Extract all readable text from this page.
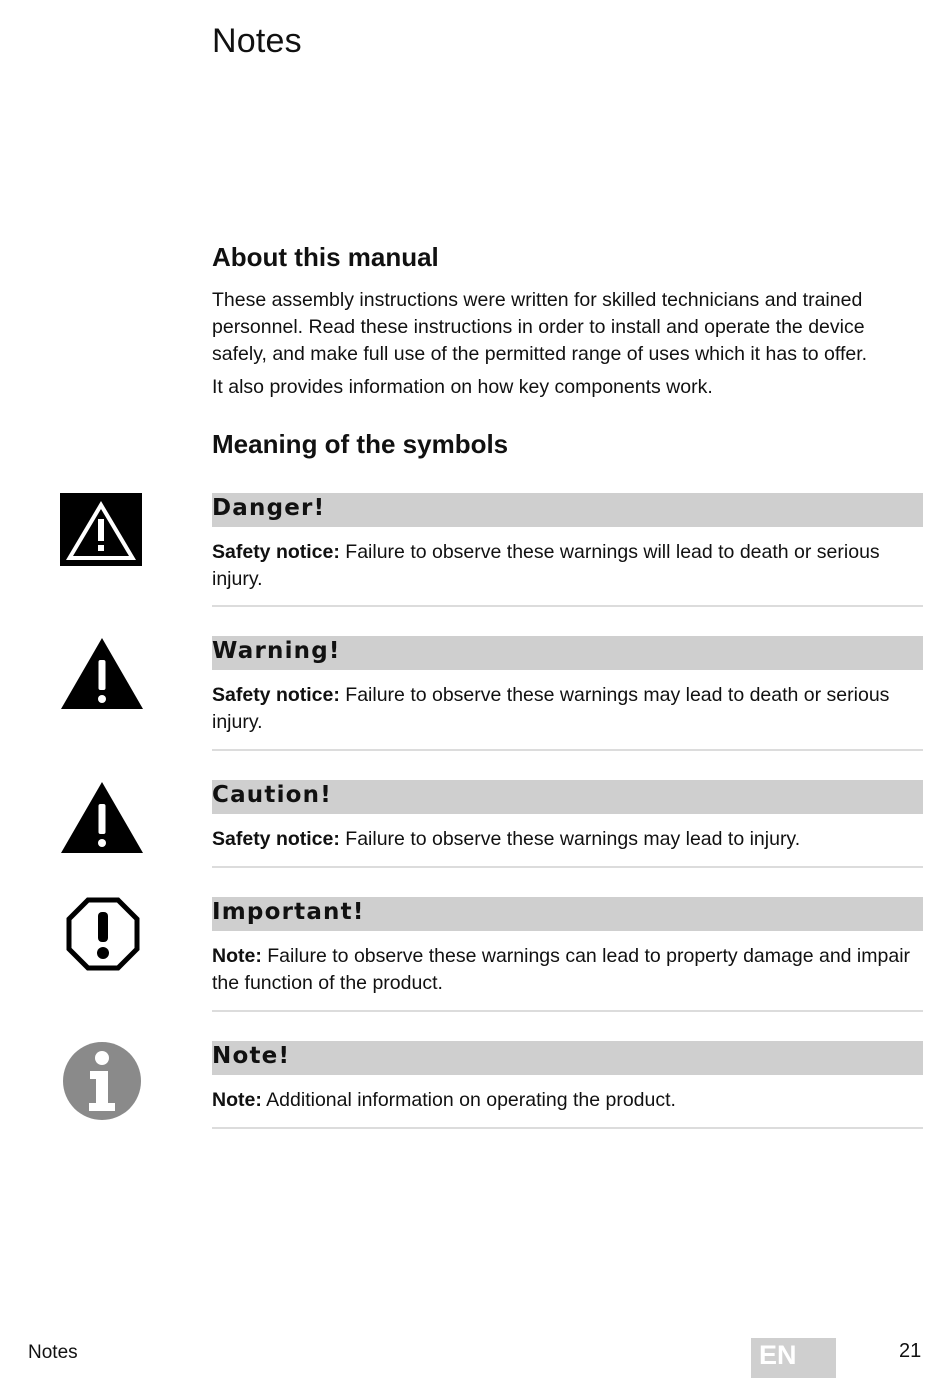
Notes
About this manual
These assembly instructions were written for skilled technicians and trained personnel. Read these instructions in order to install and operate the device safely, and make full use of the permitted range of uses which it has to offer.
It also provides information on how key components work.
Meaning of the symbols
Danger!
Safety notice: Failure to observe these warnings will lead to death or serious injury.
Warning!
Safety notice: Failure to observe these warnings may lead to death or serious injury.
Caution!
Safety notice: Failure to observe these warnings may lead to injury.
Important!
Note: Failure to observe these warnings can lead to property damage and impair the function of the product.
Note!
Note: Additional information on operating the product.
Notes	EN	21
